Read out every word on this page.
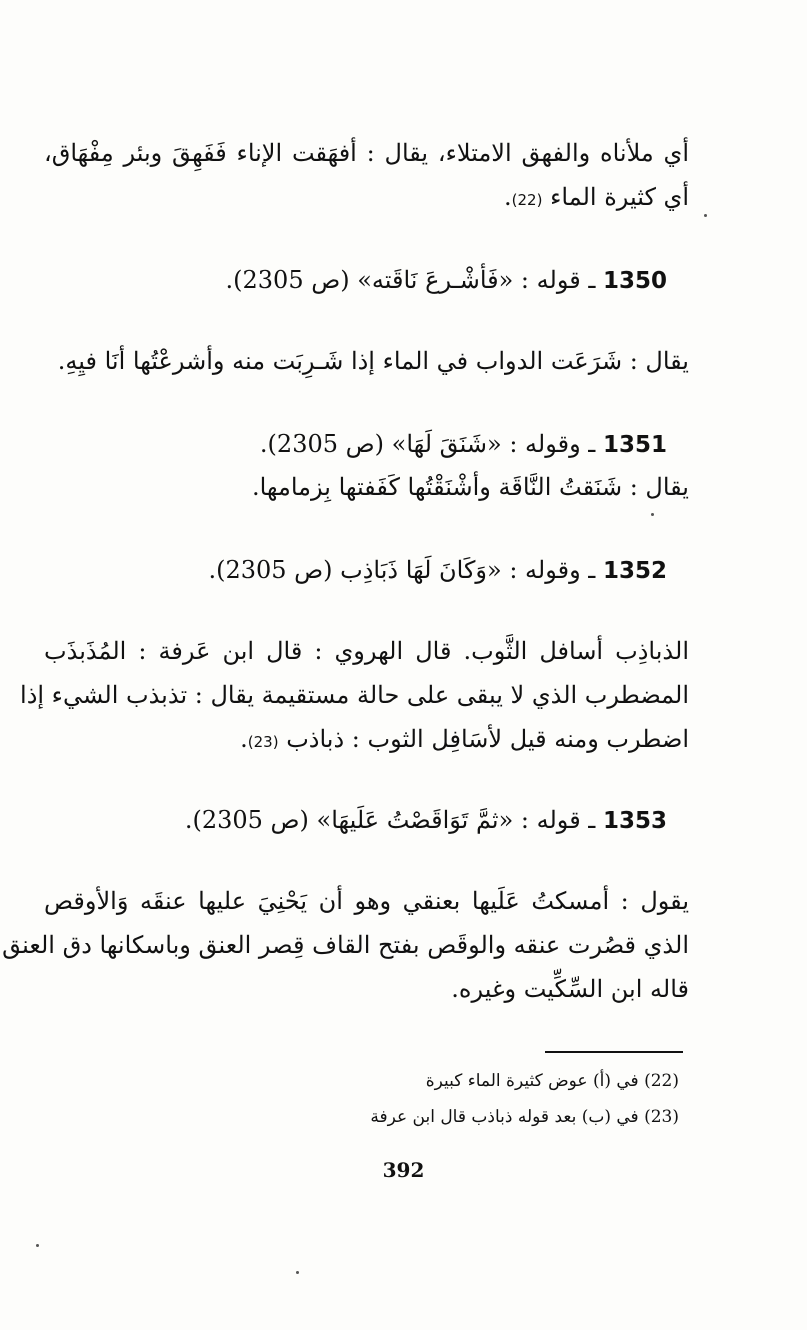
أي ملأناه والفهق الامتلاء، يقال : أفهَقت الإناء فَفَهِقَ وبئر مِفْهَاق،
أي كثيرة الماء (22).
1350 ـ قوله : «فَأشْـرعَ نَاقَته» (ص 2305).
يقال : شَرَعَت الدواب في الماء إذا شَـرِبَت منه وأشرعْتُها أنَا فيِهِ.
1351 ـ وقوله : «شَنَقَ لَهَا» (ص 2305).
يقال : شَنَقتُ النَّاقَة وأشْنَقْتُها كَفَفتها بِزمامها.
1352 ـ وقوله : «وَكَانَ لَهَا ذَبَاذِب (ص 2305).
الذباذِب أسافل الثَّوب. قال الهروي : قال ابن عَرفة : المُذَبذَب
المضطرب الذي لا يبقى على حالة مستقيمة يقال : تذبذب الشيء إذا
اضطرب ومنه قيل لأسَافِل الثوب : ذباذب (23).
1353 ـ قوله : «ثمَّ تَوَاقَصْتُ عَلَيهَا» (ص 2305).
يقول : أمسكتُ عَلَيها بعنقي وهو أن يَحْنِيَ عليها عنقَه وَالأوقص
الذي قصُرت عنقه والوقَص بفتح القاف قِصر العنق وباسكانها دق العنق
قاله ابن السِّكِّيت وغيره.
(22) في (أ) عوض كثيرة الماء كبيرة
(23) في (ب) بعد قوله ذباذب قال ابن عرفة
392
